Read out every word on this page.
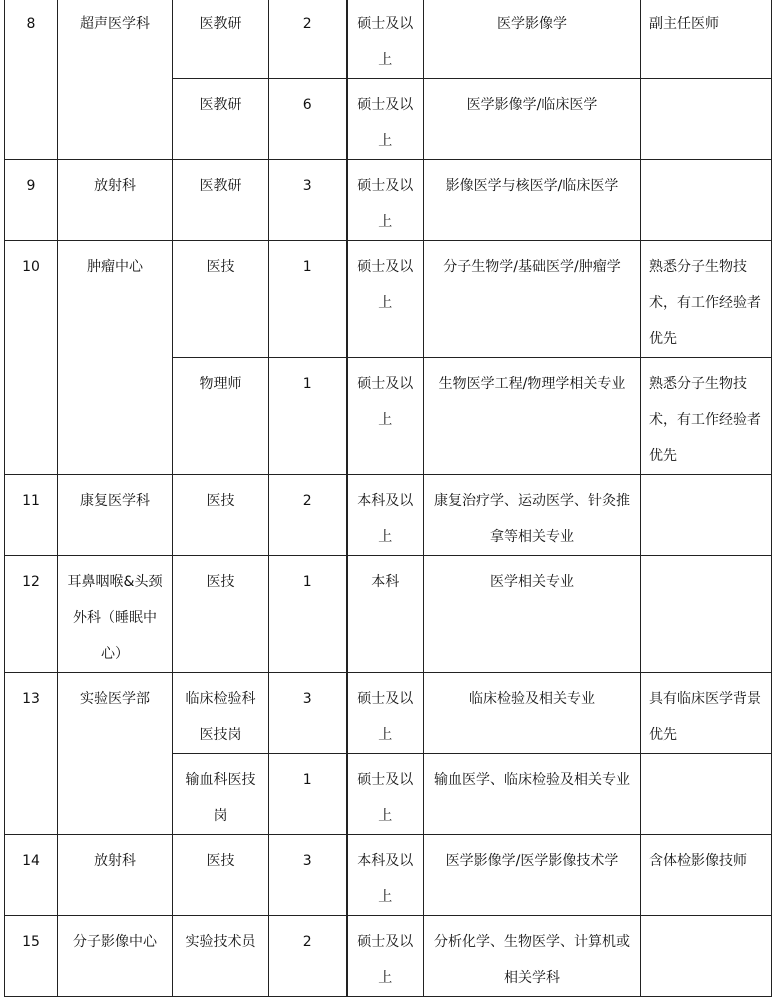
8	超声医学科	医教研	2	硕士及以上	医学影像学	副主任医师
		医教研	6	硕士及以上	医学影像学/临床医学	
9	放射科	医教研	3	硕士及以上	影像医学与核医学/临床医学	
10	肿瘤中心	医技	1	硕士及以上	分子生物学/基础医学/肿瘤学	熟悉分子生物技术，有工作经验者优先
		物理师	1	硕士及以上	生物医学工程/物理学相关专业	熟悉分子生物技术，有工作经验者优先
11	康复医学科	医技	2	本科及以上	康复治疗学、运动医学、针灸推拿等相关专业	
12	耳鼻咽喉&头颈外科（睡眠中心）	医技	1	本科	医学相关专业	
13	实验医学部	临床检验科医技岗	3	硕士及以上	临床检验及相关专业	具有临床医学背景优先
		输血科医技岗	1	硕士及以上	输血医学、临床检验及相关专业	
14	放射科	医技	3	本科及以上	医学影像学/医学影像技术学	含体检影像技师
15	分子影像中心	实验技术员	2	硕士及以上	分析化学、生物医学、计算机或相关学科	
